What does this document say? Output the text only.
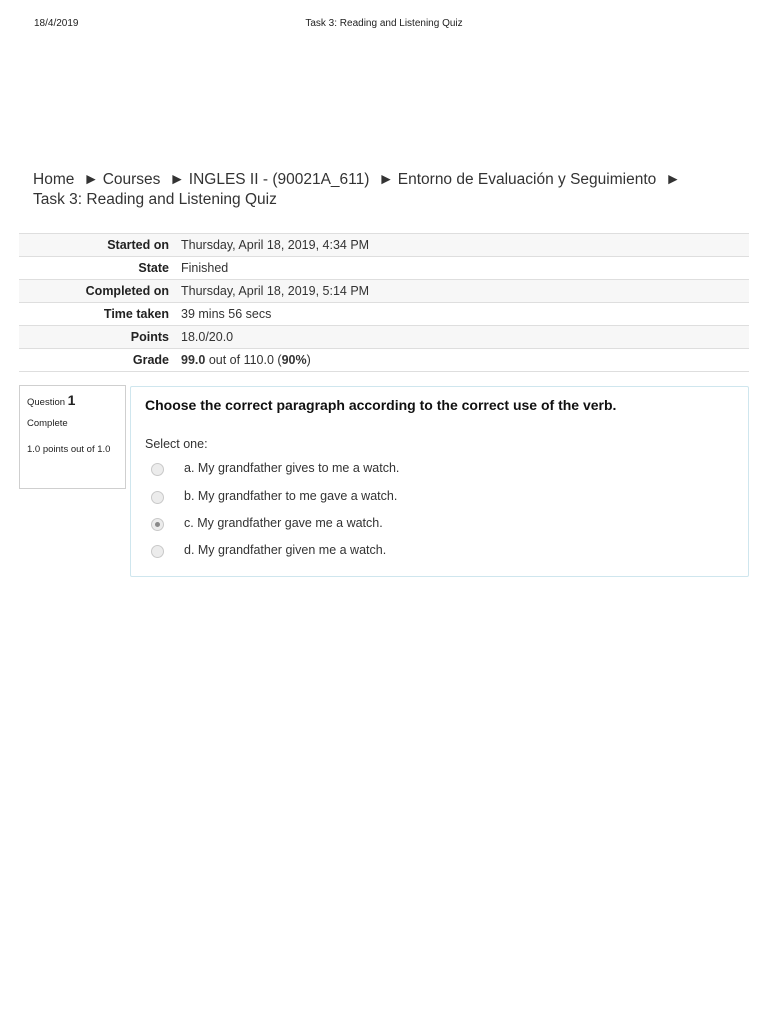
18/4/2019	Task 3: Reading and Listening Quiz
Home ► Courses ► INGLES II - (90021A_611) ► Entorno de Evaluación y Seguimiento ►
Task 3: Reading and Listening Quiz
Started on	Thursday, April 18, 2019, 4:34 PM
State	Finished
Completed on	Thursday, April 18, 2019, 5:14 PM
Time taken	39 mins 56 secs
Points	18.0/20.0
Grade	99.0 out of 110.0 (90%)
Question 1
Complete
1.0 points out of 1.0
Choose the correct paragraph according to the correct use of the verb.
Select one:
a. My grandfather gives to me a watch.
b. My grandfather to me gave a watch.
c. My grandfather gave me a watch.
d. My grandfather given me a watch.
